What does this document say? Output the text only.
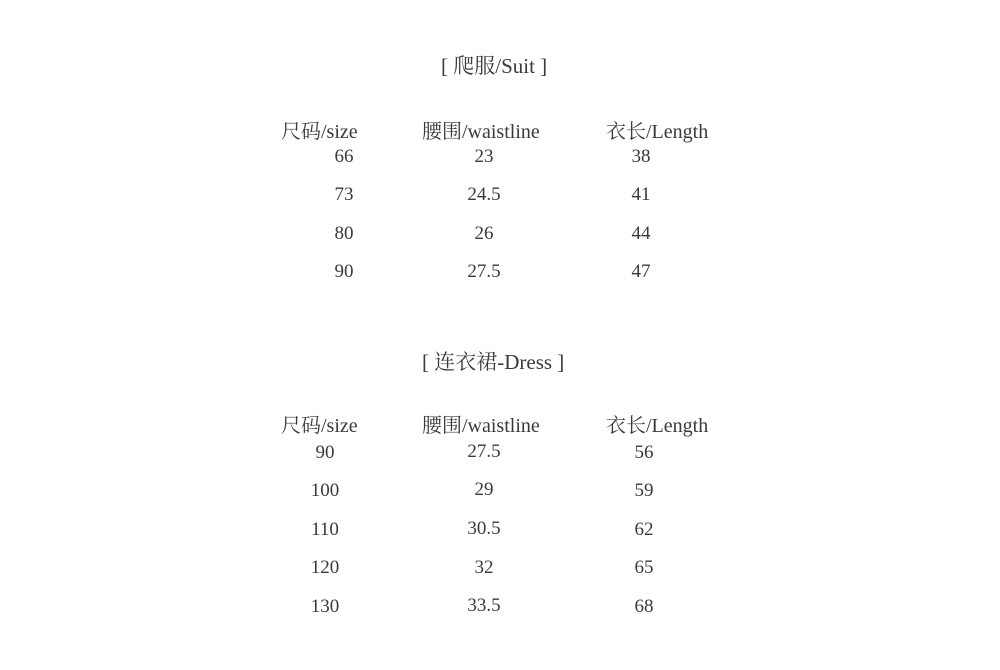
[ 爬服/Suit ]
尺码/size	腰围/waistline	衣长/Length
66	23	38
73	24.5	41
80	26	44
90	27.5	47
[ 连衣裙-Dress ]
尺码/size	腰围/waistline	衣长/Length
90	27.5	56
100	29	59
110	30.5	62
120	32	65
130	33.5	68
